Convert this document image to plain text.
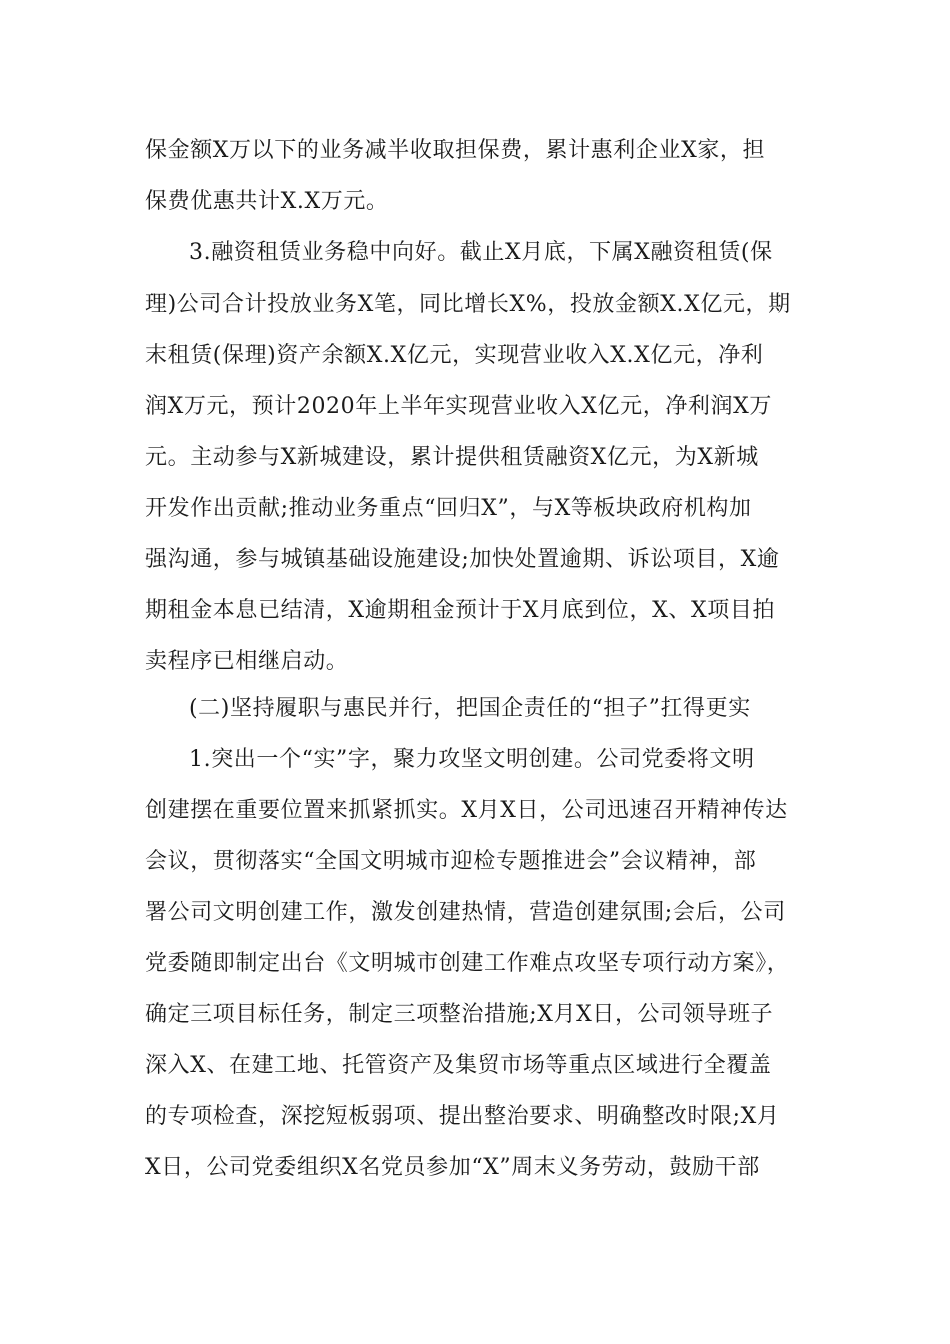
保金额X万以下的业务减半收取担保费，累计惠利企业X家，担

保费优惠共计X.X万元。

3.融资租赁业务稳中向好。截止X月底，下属X融资租赁(保

理)公司合计投放业务X笔，同比增长X%，投放金额X.X亿元，期

末租赁(保理)资产余额X.X亿元，实现营业收入X.X亿元，净利

润X万元，预计2020年上半年实现营业收入X亿元，净利润X万

元。主动参与X新城建设，累计提供租赁融资X亿元，为X新城

开发作出贡献;推动业务重点“回归X”，与X等板块政府机构加

强沟通，参与城镇基础设施建设;加快处置逾期、诉讼项目，X逾

期租金本息已结清，X逾期租金预计于X月底到位，X、X项目拍

卖程序已相继启动。

(二)坚持履职与惠民并行，把国企责任的“担子”扛得更实

1.突出一个“实”字，聚力攻坚文明创建。公司党委将文明

创建摆在重要位置来抓紧抓实。X月X日，公司迅速召开精神传达

会议，贯彻落实“全国文明城市迎检专题推进会”会议精神，部

署公司文明创建工作，激发创建热情，营造创建氛围;会后，公司

党委随即制定出台《文明城市创建工作难点攻坚专项行动方案》，

确定三项目标任务，制定三项整治措施;X月X日，公司领导班子

深入X、在建工地、托管资产及集贸市场等重点区域进行全覆盖

的专项检查，深挖短板弱项、提出整治要求、明确整改时限;X月

X日，公司党委组织X名党员参加“X”周末义务劳动，鼓励干部
